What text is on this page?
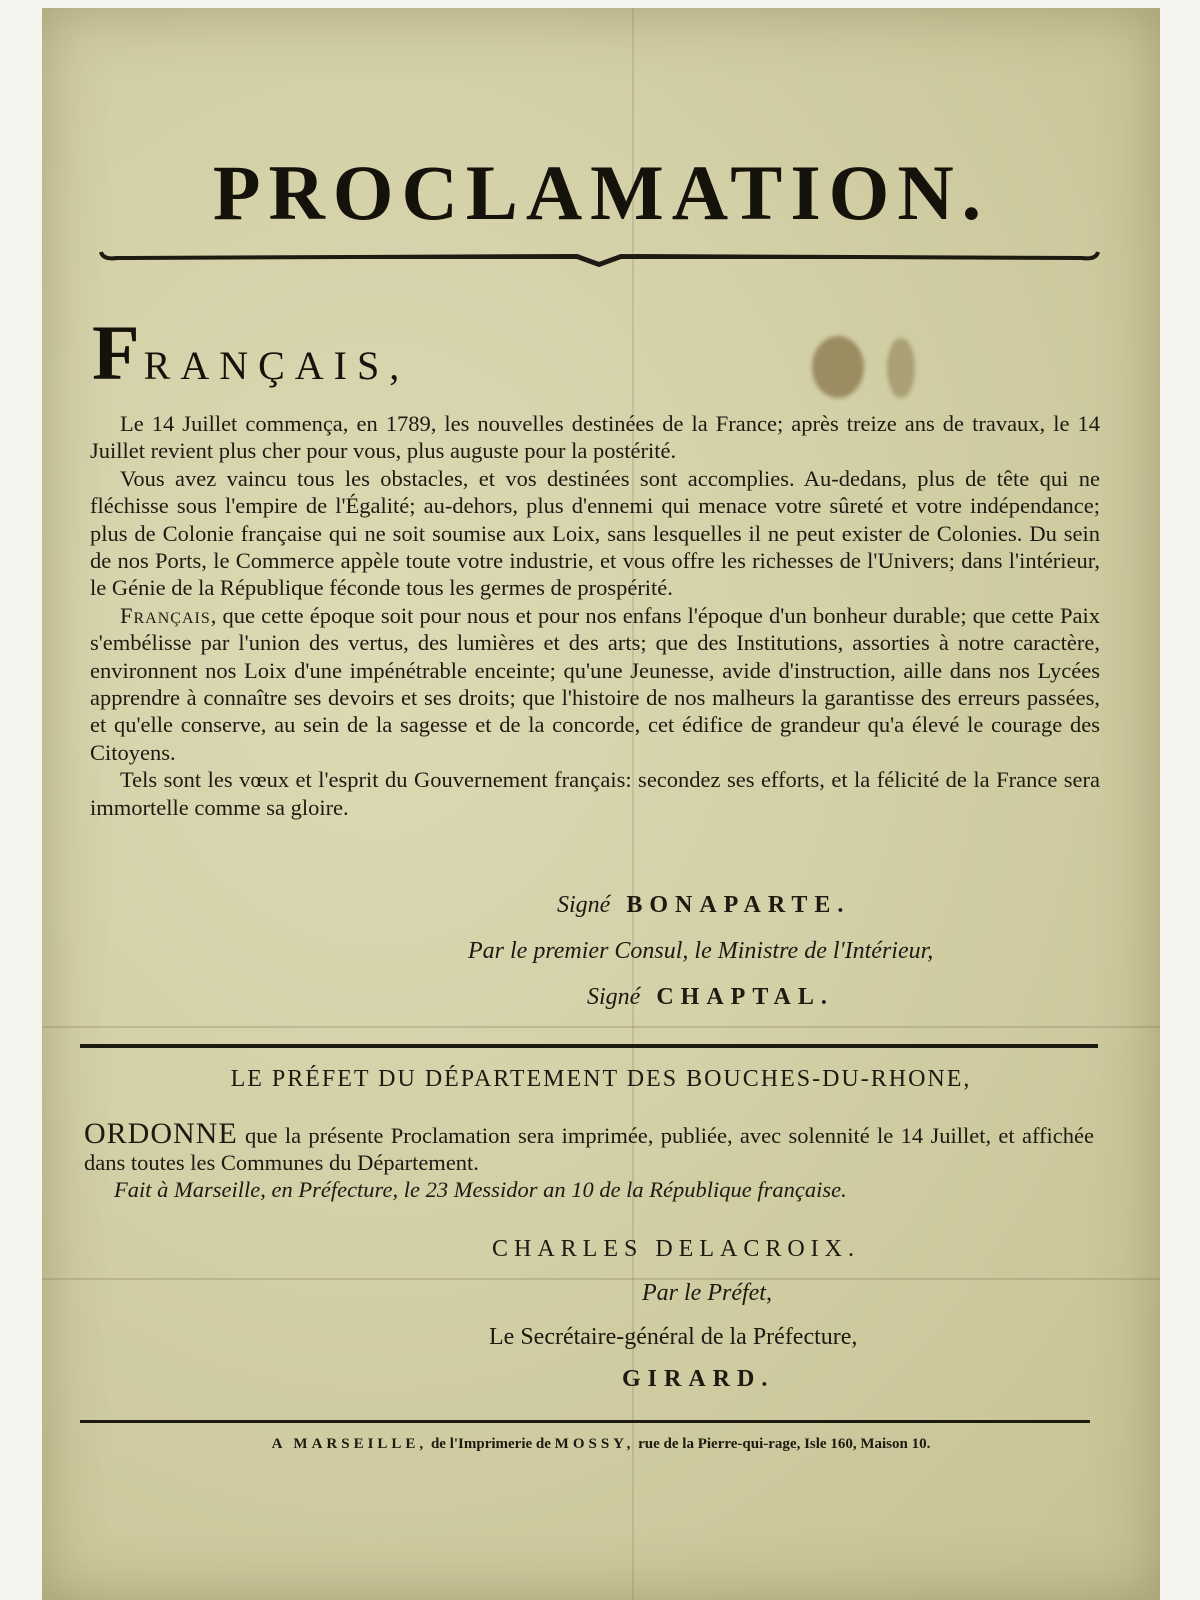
PROCLAMATION.
FRANÇAIS,

Le 14 Juillet commença, en 1789, les nouvelles destinées de la France; après treize ans de travaux, le 14 Juillet revient plus cher pour vous, plus auguste pour la postérité.

Vous avez vaincu tous les obstacles, et vos destinées sont accomplies. Au-dedans, plus de tête qui ne fléchisse sous l'empire de l'Égalité; au-dehors, plus d'ennemi qui menace votre sûreté et votre indépendance; plus de Colonie française qui ne soit soumise aux Loix, sans lesquelles il ne peut exister de Colonies. Du sein de nos Ports, le Commerce appèle toute votre industrie, et vous offre les richesses de l'Univers; dans l'intérieur, le Génie de la République féconde tous les germes de prospérité.

Français, que cette époque soit pour nous et pour nos enfans l'époque d'un bonheur durable; que cette Paix s'embélisse par l'union des vertus, des lumières et des arts; que des Institutions, assorties à notre caractère, environnent nos Loix d'une impénétrable enceinte; qu'une Jeunesse, avide d'instruction, aille dans nos Lycées apprendre à connaître ses devoirs et ses droits; que l'histoire de nos malheurs la garantisse des erreurs passées, et qu'elle conserve, au sein de la sagesse et de la concorde, cet édifice de grandeur qu'a élevé le courage des Citoyens.

Tels sont les vœux et l'esprit du Gouvernement français: secondez ses efforts, et la félicité de la France sera immortelle comme sa gloire.

Signé BONAPARTE.
Par le premier Consul, le Ministre de l'Intérieur,
Signé CHAPTAL.
LE PRÉFET DU DÉPARTEMENT DES BOUCHES-DU-RHONE,

ORDONNE que la présente Proclamation sera imprimée, publiée, avec solennité le 14 Juillet, et affichée dans toutes les Communes du Département.

Fait à Marseille, en Préfecture, le 23 Messidor an 10 de la République française.

CHARLES DELACROIX.
Par le Préfet,
Le Secrétaire-général de la Préfecture,
GIRARD.
A MARSEILLE, de l'Imprimerie de MOSSY, rue de la Pierre-qui-rage, Isle 160, Maison 10.
